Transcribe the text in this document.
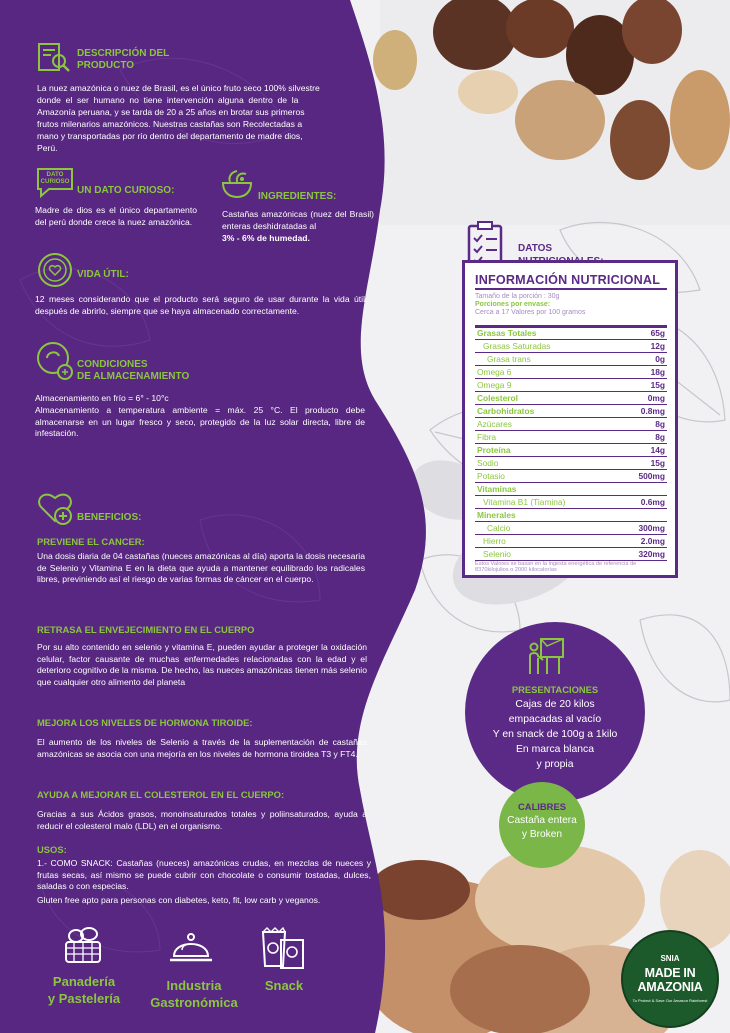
DESCRIPCIÓN DEL PRODUCTO
La nuez amazónica o nuez de Brasil, es el único fruto seco 100% silvestre
donde el ser humano no tiene intervención alguna dentro de la
Amazonía peruana, y se tarda de 20 a 25 años en brotar sus primeros
frutos milenarios amazónicos. Nuestras castañas son Recolectadas a
mano y transportadas por río dentro del departamento de madre dios,
Perú.
DATO CURIOSO
UN DATO CURIOSO:
Madre de dios es el único departamento del perú donde crece la nuez amazónica.
INGREDIENTES:
Castañas amazónicas (nuez del Brasil) enteras deshidratadas al
3% - 6% de humedad.
VIDA ÚTIL:
12 meses considerando que el producto será seguro de usar durante la vida útil después de abrirlo, siempre que se haya almacenado correctamente.
CONDICIONES
DE ALMACENAMIENTO
Almacenamiento en frío = 6° - 10°c
Almacenamiento a temperatura ambiente = máx. 25 °C. El producto debe almacenarse en un lugar fresco y seco, protegido de la luz solar directa, libre de infestación.
BENEFICIOS:
PREVIENE EL CANCER:
Una dosis diaria de 04 castañas (nueces amazónicas al día) aporta la dosis necesaria de Selenio y Vitamina E en la dieta que ayuda a mantener equilibrado los radicales libres, previniendo así el riesgo de varias formas de cáncer en el cuerpo.
RETRASA EL ENVEJECIMIENTO EN EL CUERPO
Por su alto contenido en selenio y vitamina E, pueden ayudar a proteger la oxidación celular, factor causante de muchas enfermedades relacionadas con la edad y el deterioro cognitivo de la misma. De hecho, las nueces amazónicas tienen más selenio que cualquier otro alimento del planeta
MEJORA LOS NIVELES DE HORMONA TIROIDE:
El aumento de los niveles de Selenio a través de la suplementación de castañas amazónicas se asocia con una mejoría en los niveles de hormona tiroidea T3 y FT4.
AYUDA A MEJORAR EL COLESTEROL EN EL CUERPO:
Gracias a sus Ácidos grasos, monoinsaturados totales y poliinsaturados, ayuda a reducir el colesterol malo (LDL) en el organismo.
USOS:
1.- COMO SNACK: Castañas (nueces) amazónicas crudas, en mezclas de nueces y frutas secas, así mismo se puede cubrir con chocolate o consumir tostadas, dulces, saladas o con especias.
Gluten free apto para personas con diabetes, keto, fit, low carb y veganos.
Panadería
y Pastelería
Industria
Gastronómica
Snack
DATOS
INFORMACIÓN NUTRICIONAL
Tamaño de la porción : 30g
Porciones por envase:
Cerca a 17 Valores por 100 gramos
Grasas Totales	65g
Grasas Saturadas	12g
Grasa trans	0g
Omega 6	18g
Omega 9	15g
Colesterol	0mg
Carbohidratos	0.8mg
Azúcares	8g
Fibra	8g
Proteína	14g
Sodio	15g
Potasio	500mg
Vitaminas
Vitamina B1 (Tiamina)	0.6mg
Minerales
Calcio	300mg
Hierro	2.0mg
Selenio	320mg
Estos Valores se basan en la ingesta energética de referencia de 8370kilojulios o 2000 kilocalorías
PRESENTACIONES
Cajas de 20 kilos
empacadas al vacío
Y en snack de 100g a 1kilo
En marca blanca
y propia
CALIBRES
Castaña entera
y Broken
SNIA
MADE IN AMAZONIA
To Protect & Save Our Amazon Rainforest
